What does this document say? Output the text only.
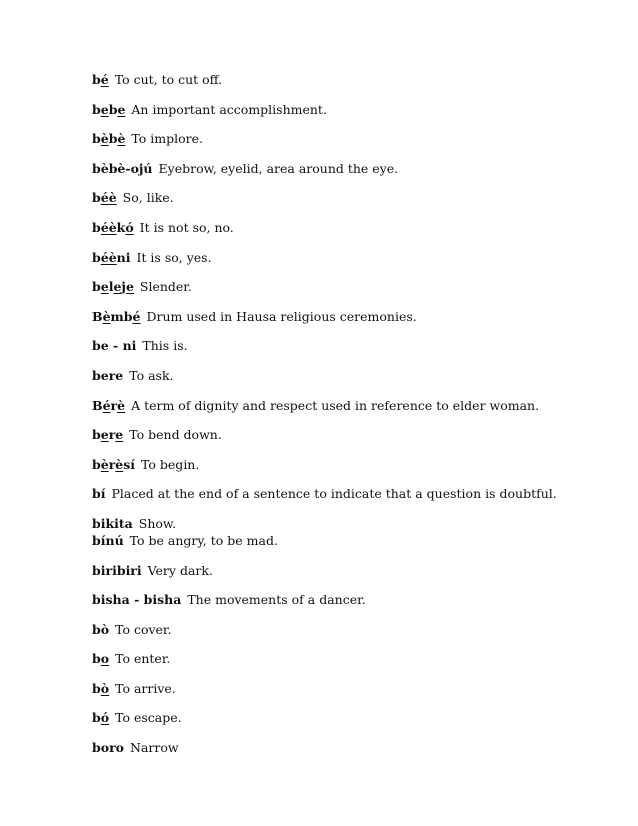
bé To cut, to cut off.

bebe An important accomplishment.

bèbè To implore.

bèbè-ojú Eyebrow, eyelid, area around the eye.

béè So, like.

béèkó It is not so, no.

béèni It is so, yes.

beleje Slender.

Bèmbé Drum used in Hausa religious ceremonies.

be - ni This is.

bere To ask.

Bérè A term of dignity and respect used in reference to elder woman.

bere To bend down.

bèrèsí To begin.

bí Placed at the end of a sentence to indicate that a question is doubtful.

bikita Show.

bínú To be angry, to be mad.

biribiri Very dark.

bisha - bisha The movements of a dancer.

bò To cover.

bo To enter.

bò To arrive.

bó To escape.

boro Narrow
